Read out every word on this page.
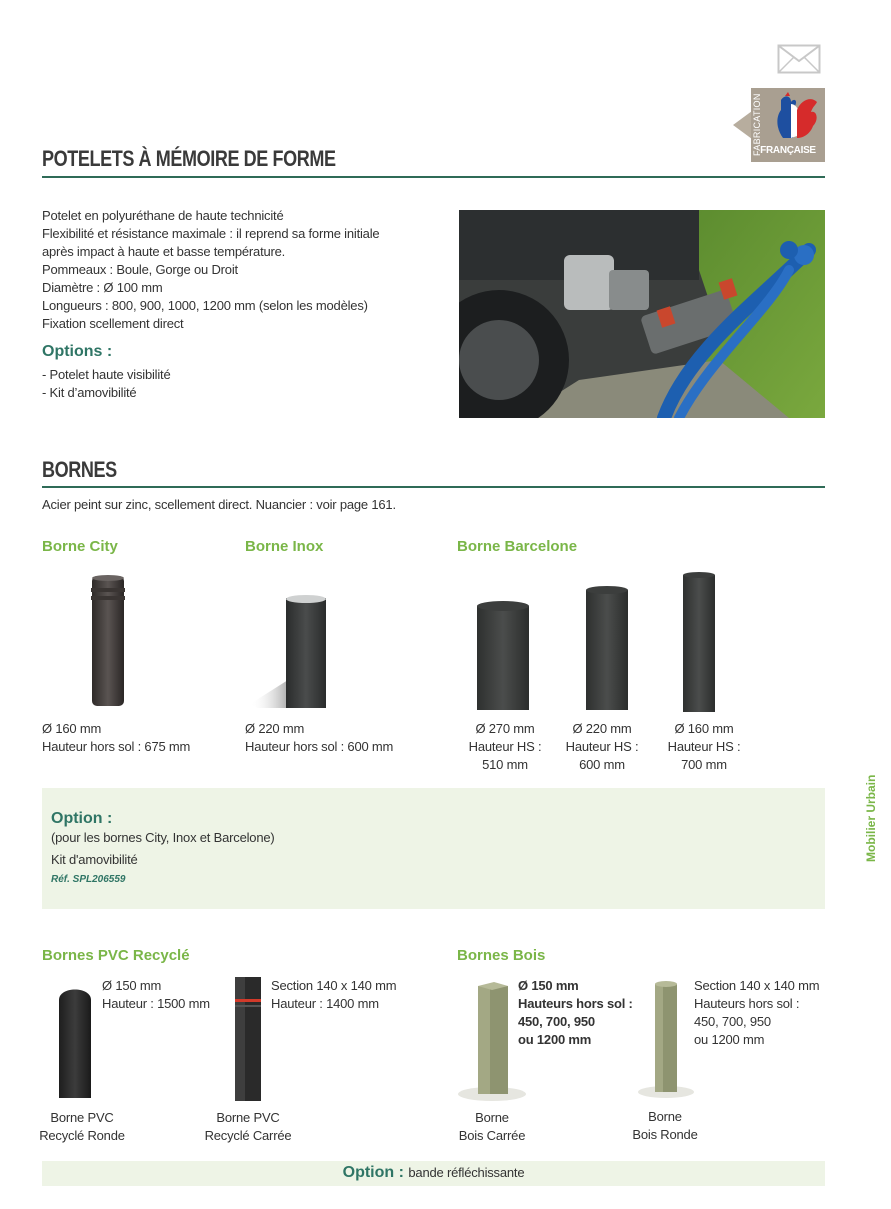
FABRICATION
FRANÇAISE
POTELETS À MÉMOIRE DE FORME
Potelet en polyuréthane de haute technicité
Flexibilité et résistance maximale : il reprend sa forme initiale
après impact à haute et basse température.
Pommeaux : Boule, Gorge ou Droit
Diamètre : Ø 100 mm
Longueurs : 800, 900, 1000, 1200 mm (selon les modèles)
Fixation scellement direct
Options :
- Potelet haute visibilité
- Kit d’amovibilité
BORNES
Acier peint sur zinc, scellement direct. Nuancier : voir page 161.
Borne City	Borne Inox	Borne Barcelone
Ø 160 mm
Hauteur hors sol : 675 mm
Ø 220 mm
Hauteur hors sol : 600 mm
Ø 270 mm
Hauteur HS :
510 mm
Ø 220 mm
Hauteur HS :
600 mm
Ø 160 mm
Hauteur HS :
700 mm
Option :
(pour les bornes City, Inox et Barcelone)
Kit d'amovibilité
Réf. SPL206559
Bornes PVC Recyclé	Bornes Bois
Ø 150 mm
Hauteur : 1500 mm
Borne PVC
Recyclé Ronde
Section 140 x 140 mm
Hauteur : 1400 mm
Borne PVC
Recyclé Carrée
Ø 150 mm
Hauteurs hors sol :
450, 700, 950
ou 1200 mm
Borne
Bois Carrée
Section 140 x 140 mm
Hauteurs hors sol :
450, 700, 950
ou 1200 mm
Borne
Bois Ronde
Option : bande réfléchissante
Mobilier Urbain
